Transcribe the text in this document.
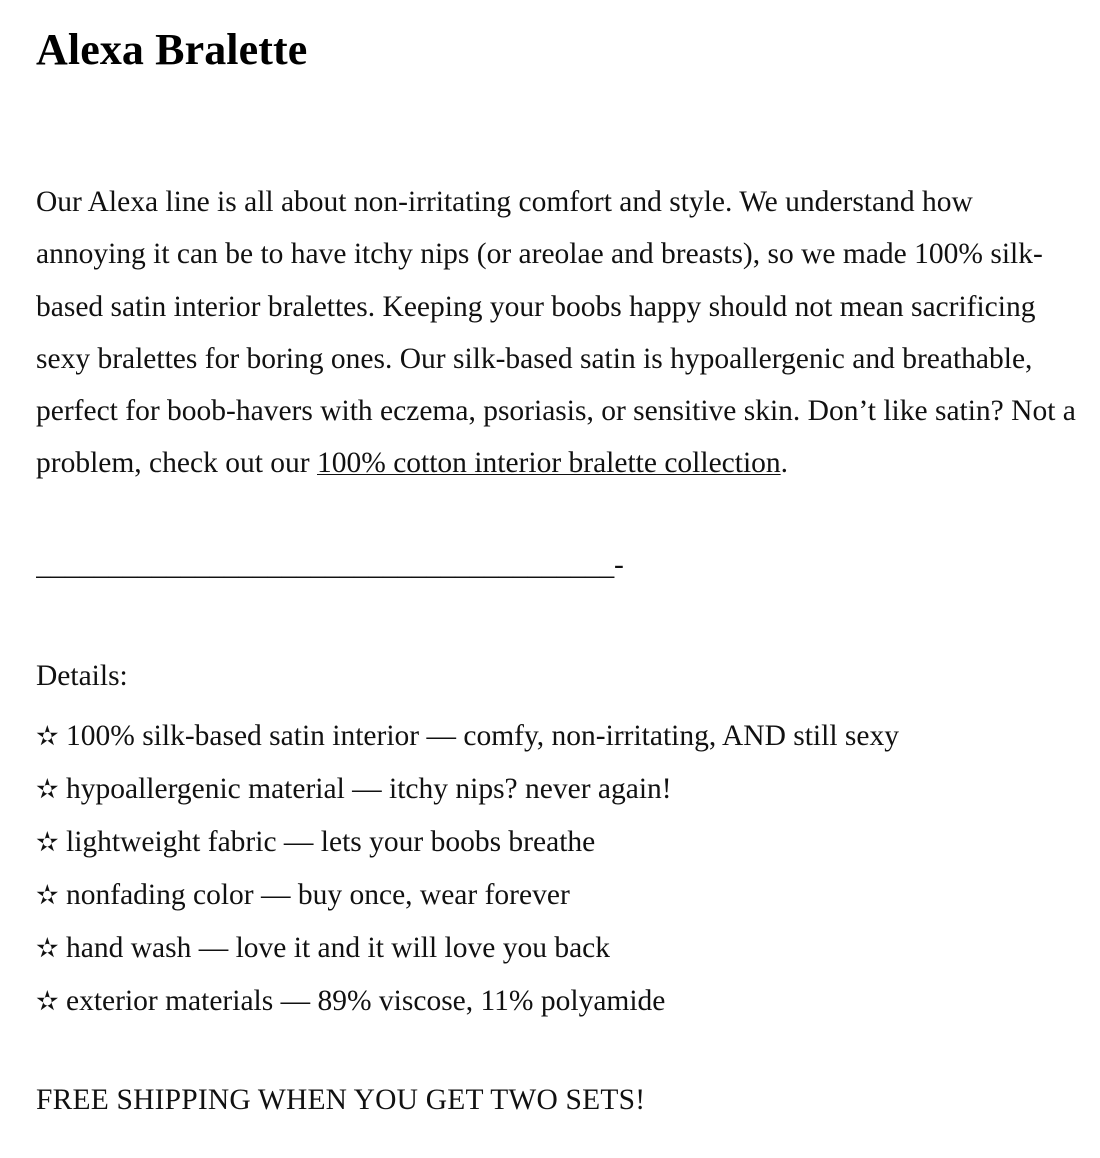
Alexa Bralette

Our Alexa line is all about non-irritating comfort and style. We understand how annoying it can be to have itchy nips (or areolae and breasts), so we made 100% silk-based satin interior bralettes. Keeping your boobs happy should not mean sacrificing sexy bralettes for boring ones. Our silk-based satin is hypoallergenic and breathable, perfect for boob-havers with eczema, psoriasis, or sensitive skin. Don’t like satin? Not a problem, check out our 100% cotton interior bralette collection.

________________________________________-

Details:

✫ 100% silk-based satin interior — comfy, non-irritating, AND still sexy
✫ hypoallergenic material — itchy nips? never again!
✫ lightweight fabric — lets your boobs breathe
✫ nonfading color — buy once, wear forever
✫ hand wash — love it and it will love you back
✫ exterior materials — 89% viscose, 11% polyamide

FREE SHIPPING WHEN YOU GET TWO SETS!
